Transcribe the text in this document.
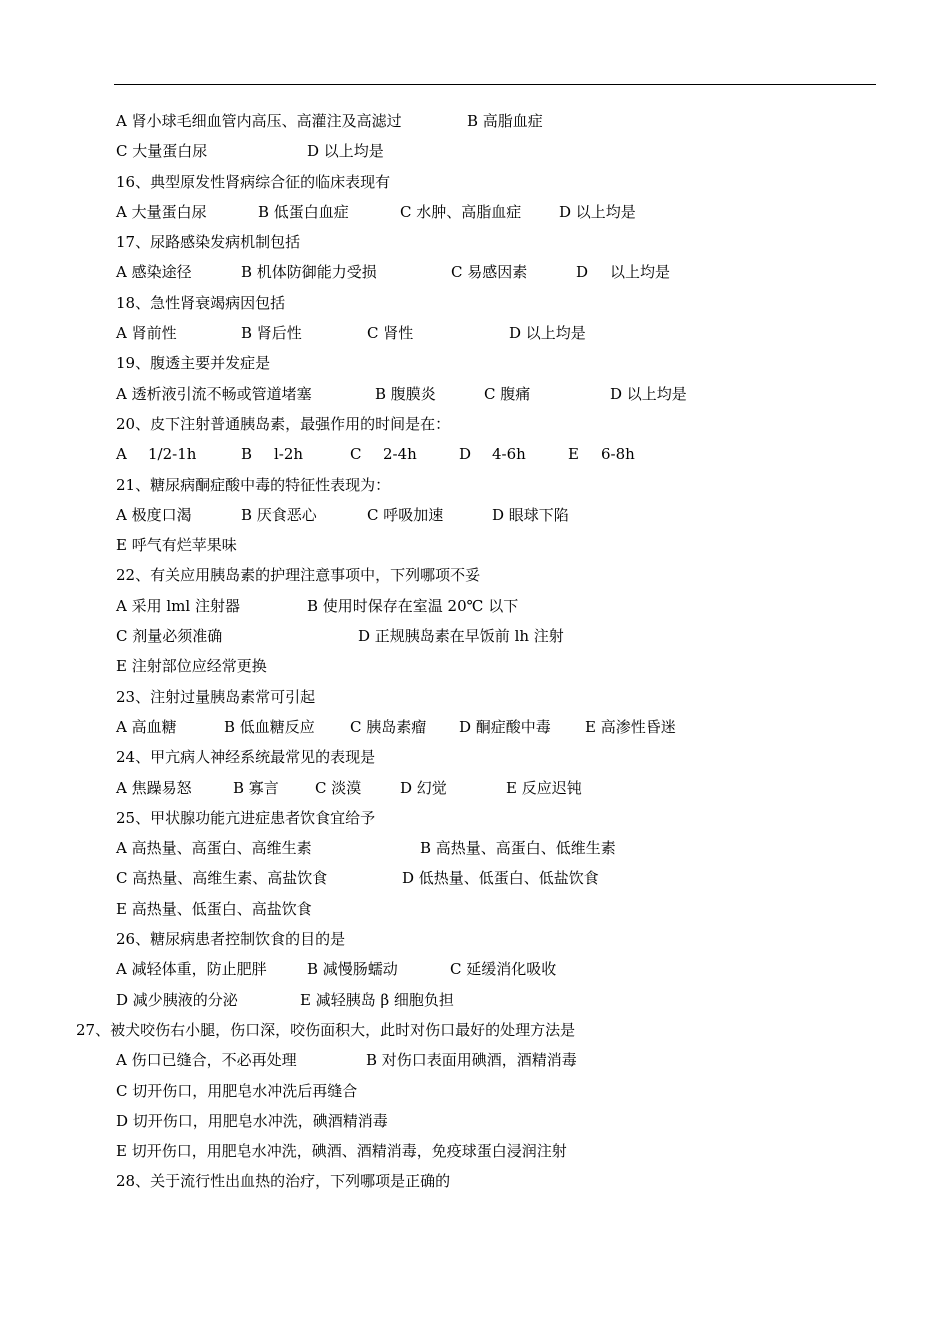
A 肾小球毛细血管内高压、高灌注及高滤过	B 高脂血症
C 大量蛋白尿	D 以上均是
16、典型原发性肾病综合征的临床表现有
A 大量蛋白尿	B 低蛋白血症	C 水肿、高脂血症	D 以上均是
17、尿路感染发病机制包括
A 感染途径	B 机体防御能力受损	C 易感因素	D 以上均是
18、急性肾衰竭病因包括
A 肾前性	B 肾后性	C 肾性	D 以上均是
19、腹透主要并发症是
A 透析液引流不畅或管道堵塞	B 腹膜炎	C 腹痛	D 以上均是
20、皮下注射普通胰岛素，最强作用的时间是在：
A 1/2-1h	B l-2h	C 2-4h	D 4-6h	E 6-8h
21、糖尿病酮症酸中毒的特征性表现为：
A 极度口渴	B 厌食恶心	C 呼吸加速	D 眼球下陷
E 呼气有烂苹果味
22、有关应用胰岛素的护理注意事项中，下列哪项不妥
A 采用 lml 注射器	B 使用时保存在室温 20℃ 以下
C 剂量必须准确	D 正规胰岛素在早饭前 lh 注射
E 注射部位应经常更换
23、注射过量胰岛素常可引起
A 高血糖	B 低血糖反应 C 胰岛素瘤 D 酮症酸中毒 E 高渗性昏迷
24、甲亢病人神经系统最常见的表现是
A 焦躁易怒	B 寡言 C 淡漠	D 幻觉	E 反应迟钝
25、甲状腺功能亢进症患者饮食宜给予
A 高热量、高蛋白、高维生素	B 高热量、高蛋白、低维生素
C 高热量、高维生素、高盐饮食	D 低热量、低蛋白、低盐饮食
E 高热量、低蛋白、高盐饮食
26、糖尿病患者控制饮食的目的是
A 减轻体重，防止肥胖	B 减慢肠蠕动	C 延缓消化吸收
D 减少胰液的分泌	E 减轻胰岛 β 细胞负担
27、被犬咬伤右小腿，伤口深，咬伤面积大，此时对伤口最好的处理方法是
A 伤口已缝合，不必再处理	B 对伤口表面用碘酒，酒精消毒
C 切开伤口，用肥皂水冲洗后再缝合
D 切开伤口，用肥皂水冲洗，碘酒精消毒
E 切开伤口，用肥皂水冲洗，碘酒、酒精消毒，免疫球蛋白浸润注射
28、关于流行性出血热的治疗，下列哪项是正确的
